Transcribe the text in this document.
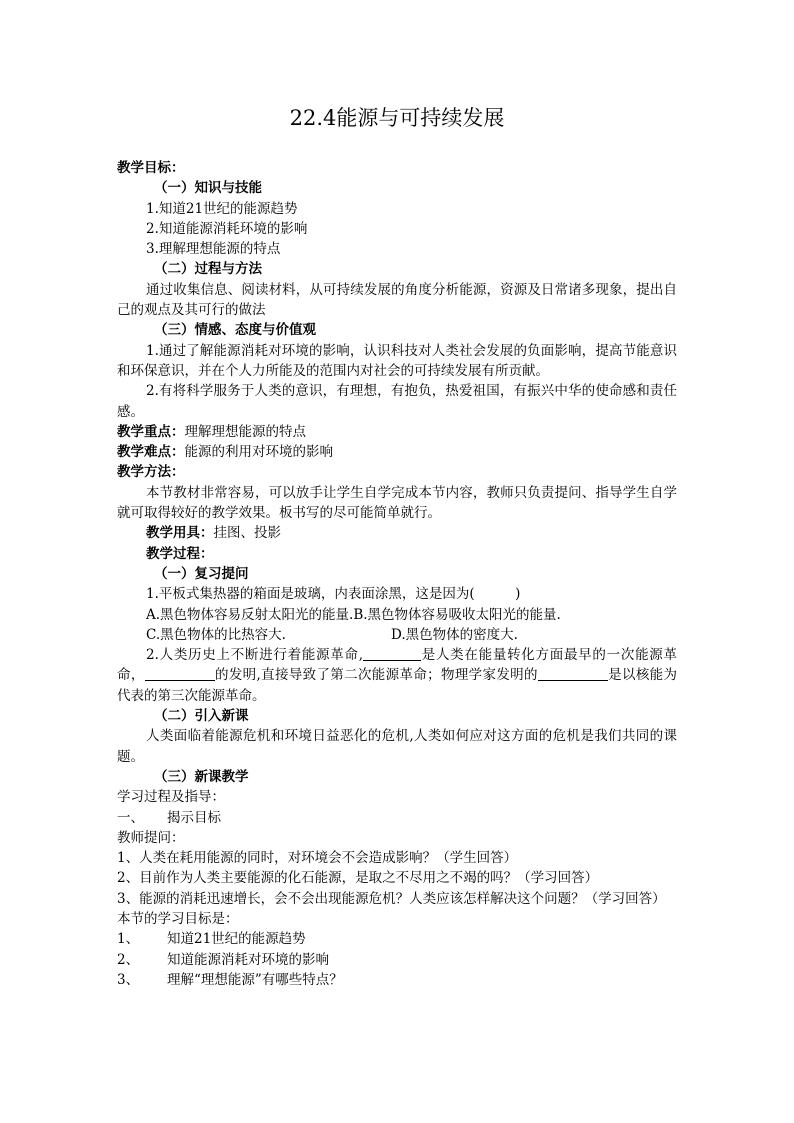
22.4能源与可持续发展

教学目标：

（一）知识与技能

1.知道21世纪的能源趋势

2.知道能源消耗环境的影响

3.理解理想能源的特点

（二）过程与方法

通过收集信息、阅读材料，从可持续发展的角度分析能源，资源及日常诸多现象，提出自己的观点及其可行的做法

（三）情感、态度与价值观

1.通过了解能源消耗对环境的影响，认识科技对人类社会发展的负面影响，提高节能意识和环保意识，并在个人力所能及的范围内对社会的可持续发展有所贡献。

2.有将科学服务于人类的意识，有理想，有抱负，热爱祖国，有振兴中华的使命感和责任感。

教学重点：理解理想能源的特点

教学难点：能源的利用对环境的影响

教学方法：

本节教材非常容易，可以放手让学生自学完成本节内容，教师只负责提问、指导学生自学就可取得较好的教学效果。板书写的尽可能简单就行。

教学用具：挂图、投影

教学过程：

（一）复习提问

1.平板式集热器的箱面是玻璃，内表面涂黑，这是因为(　　　)

A.黑色物体容易反射太阳光的能量.B.黑色物体容易吸收太阳光的能量.

C.黑色物体的比热容大.	D.黑色物体的密度大.

2.人类历史上不断进行着能源革命,	是人类在能量转化方面最早的一次能源革命，	的发明,直接导致了第二次能源革命；物理学家发明的	是以核能为代表的第三次能源革命。

（二）引入新课

人类面临着能源危机和环境日益恶化的危机,人类如何应对这方面的危机是我们共同的课题。

（三）新课教学

学习过程及指导：

一、 揭示目标

教师提问：

1、人类在耗用能源的同时，对环境会不会造成影响？（学生回答）

2、目前作为人类主要能源的化石能源，是取之不尽用之不竭的吗？（学习回答）

3、能源的消耗迅速增长，会不会出现能源危机？人类应该怎样解决这个问题？（学习回答）

本节的学习目标是：

1、 知道21世纪的能源趋势

2、 知道能源消耗对环境的影响

3、 理解“理想能源”有哪些特点？
